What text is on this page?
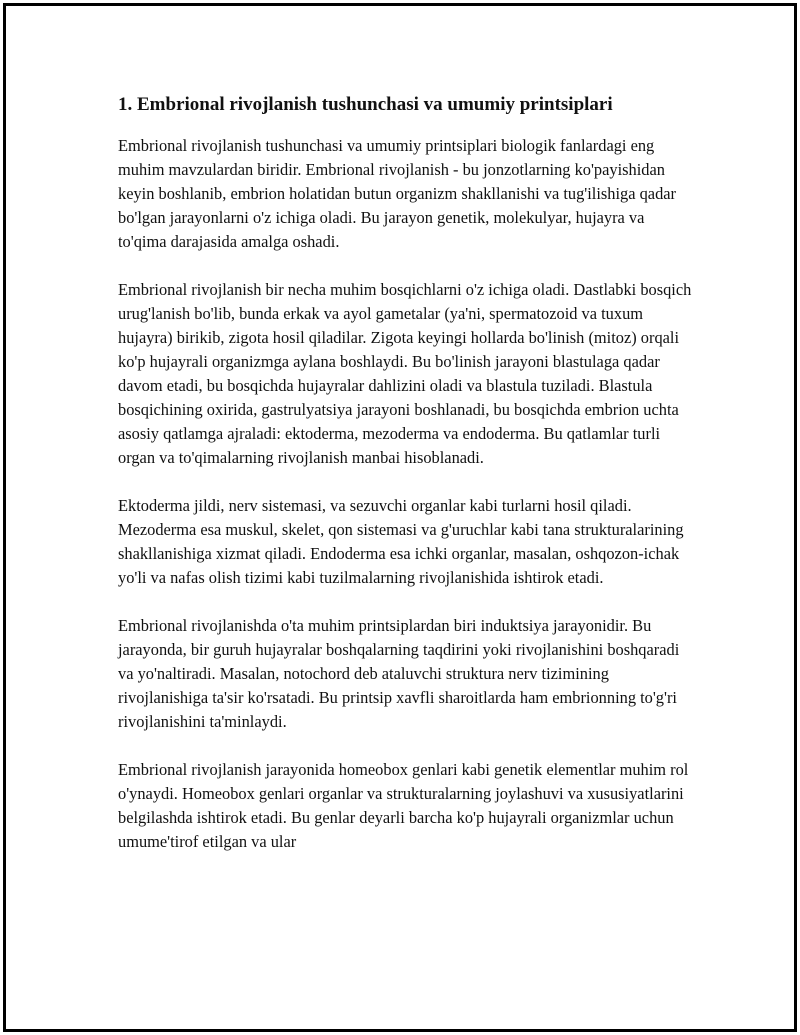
1. Embrional rivojlanish tushunchasi va umumiy printsiplari

Embrional rivojlanish tushunchasi va umumiy printsiplari biologik fanlardagi eng muhim mavzulardan biridir. Embrional rivojlanish - bu jonzotlarning ko'payishidan keyin boshlanib, embrion holatidan butun organizm shakllanishi va tug'ilishiga qadar bo'lgan jarayonlarni o'z ichiga oladi. Bu jarayon genetik, molekulyar, hujayra va to'qima darajasida amalga oshadi.

Embrional rivojlanish bir necha muhim bosqichlarni o'z ichiga oladi. Dastlabki bosqich urug'lanish bo'lib, bunda erkak va ayol gametalar (ya'ni, spermatozoid va tuxum hujayra) birikib, zigota hosil qiladilar. Zigota keyingi hollarda bo'linish (mitoz) orqali ko'p hujayrali organizmga aylana boshlaydi. Bu bo'linish jarayoni blastulaga qadar davom etadi, bu bosqichda hujayralar dahlizini oladi va blastula tuziladi. Blastula bosqichining oxirida, gastrulyatsiya jarayoni boshlanadi, bu bosqichda embrion uchta asosiy qatlamga ajraladi: ektoderma, mezoderma va endoderma. Bu qatlamlar turli organ va to'qimalarning rivojlanish manbai hisoblanadi.

Ektoderma jildi, nerv sistemasi, va sezuvchi organlar kabi turlarni hosil qiladi. Mezoderma esa muskul, skelet, qon sistemasi va g'uruchlar kabi tana strukturalarining shakllanishiga xizmat qiladi. Endoderma esa ichki organlar, masalan, oshqozon-ichak yo'li va nafas olish tizimi kabi tuzilmalarning rivojlanishida ishtirok etadi.

Embrional rivojlanishda o'ta muhim printsiplardan biri induktsiya jarayonidir. Bu jarayonda, bir guruh hujayralar boshqalarning taqdirini yoki rivojlanishini boshqaradi va yo'naltiradi. Masalan, notochord deb ataluvchi struktura nerv tizimining rivojlanishiga ta'sir ko'rsatadi. Bu printsip xavfli sharoitlarda ham embrionning to'g'ri rivojlanishini ta'minlaydi.

Embrional rivojlanish jarayonida homeobox genlari kabi genetik elementlar muhim rol o'ynaydi. Homeobox genlari organlar va strukturalarning joylashuvi va xususiyatlarini belgilashda ishtirok etadi. Bu genlar deyarli barcha ko'p hujayrali organizmlar uchun umume'tirof etilgan va ular
